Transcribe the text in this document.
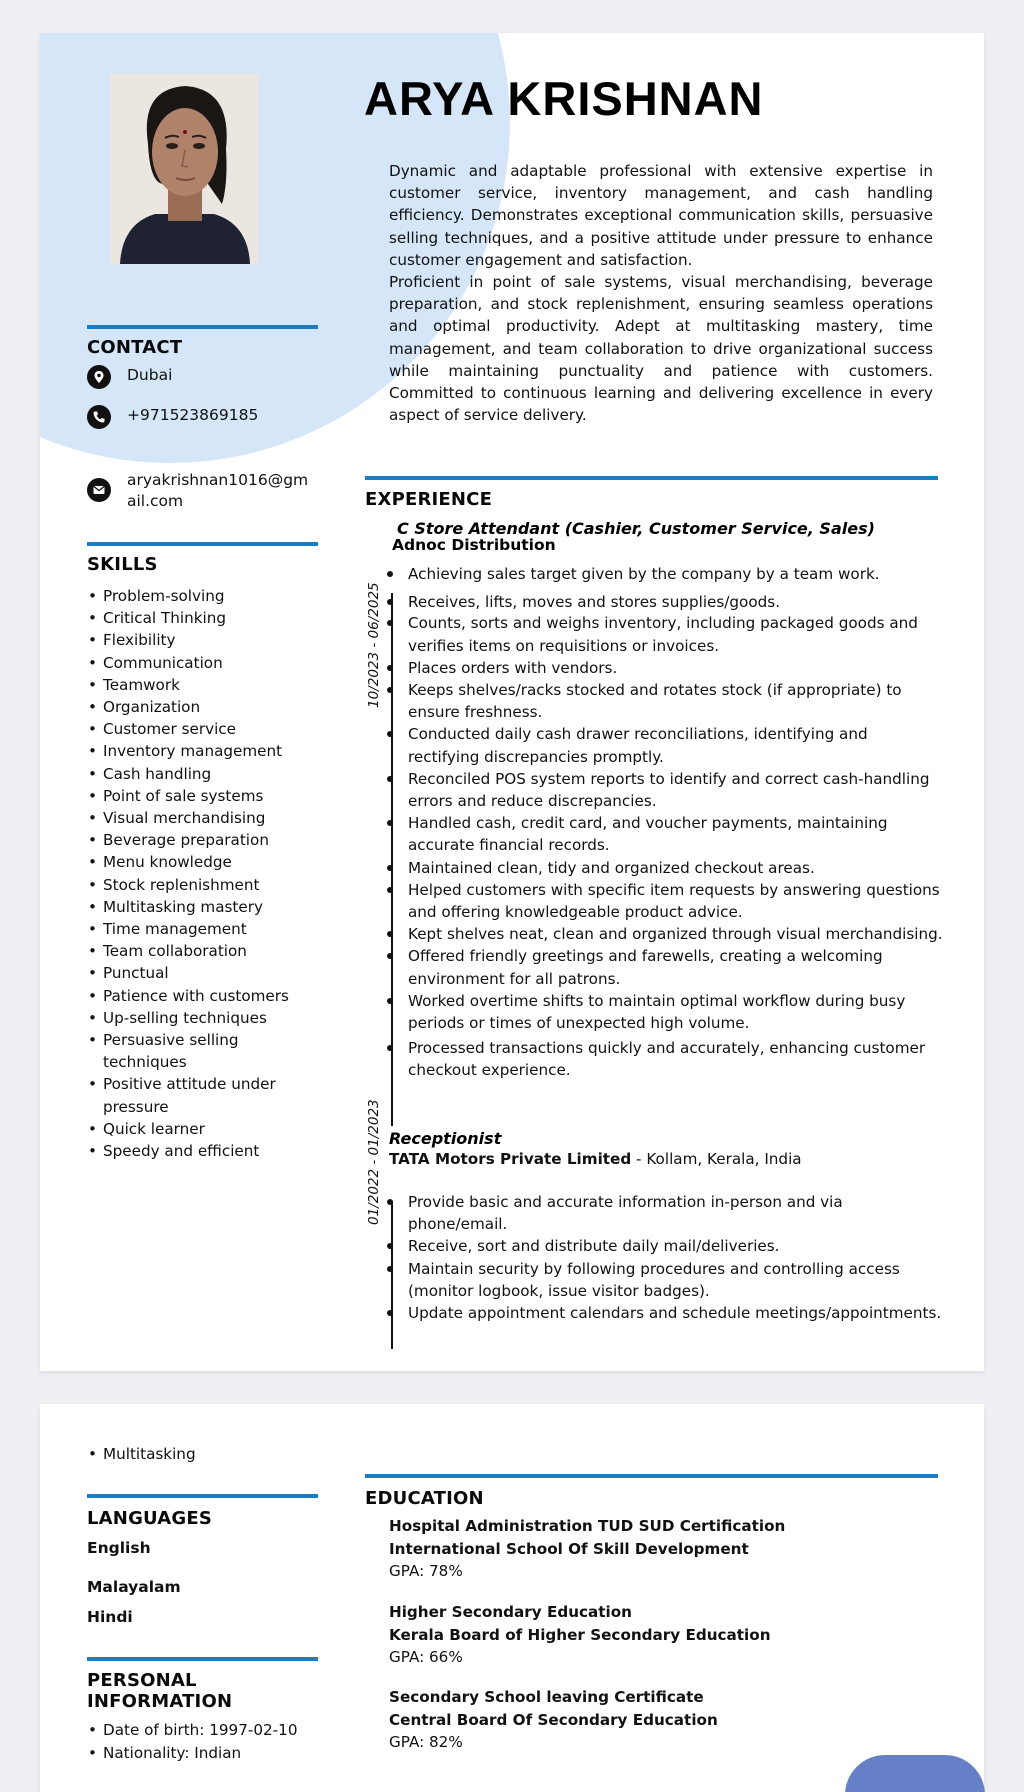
ARYA KRISHNAN
Dynamic and adaptable professional with extensive expertise in customer service, inventory management, and cash handling efficiency. Demonstrates exceptional communication skills, persuasive selling techniques, and a positive attitude under pressure to enhance customer engagement and satisfaction.
Proficient in point of sale systems, visual merchandising, beverage preparation, and stock replenishment, ensuring seamless operations and optimal productivity. Adept at multitasking mastery, time management, and team collaboration to drive organizational success while maintaining punctuality and patience with customers. Committed to continuous learning and delivering excellence in every aspect of service delivery.
CONTACT
Dubai
+971523869185
aryakrishnan1016@gm
ail.com
SKILLS
• Problem-solving
• Critical Thinking
• Flexibility
• Communication
• Teamwork
• Organization
• Customer service
• Inventory management
• Cash handling
• Point of sale systems
• Visual merchandising
• Beverage preparation
• Menu knowledge
• Stock replenishment
• Multitasking mastery
• Time management
• Team collaboration
• Punctual
• Patience with customers
• Up-selling techniques
• Persuasive selling techniques
• Positive attitude under pressure
• Quick learner
• Speedy and efficient
EXPERIENCE
C Store Attendant (Cashier, Customer Service, Sales)
Adnoc Distribution
10/2023 - 06/2025
Achieving sales target given by the company by a team work.
Receives, lifts, moves and stores supplies/goods.
Counts, sorts and weighs inventory, including packaged goods and verifies items on requisitions or invoices.
Places orders with vendors.
Keeps shelves/racks stocked and rotates stock (if appropriate) to ensure freshness.
Conducted daily cash drawer reconciliations, identifying and rectifying discrepancies promptly.
Reconciled POS system reports to identify and correct cash-handling errors and reduce discrepancies.
Handled cash, credit card, and voucher payments, maintaining accurate financial records.
Maintained clean, tidy and organized checkout areas.
Helped customers with specific item requests by answering questions and offering knowledgeable product advice.
Kept shelves neat, clean and organized through visual merchandising.
Offered friendly greetings and farewells, creating a welcoming environment for all patrons.
Worked overtime shifts to maintain optimal workflow during busy periods or times of unexpected high volume.
Processed transactions quickly and accurately, enhancing customer checkout experience.
Receptionist
TATA Motors Private Limited - Kollam, Kerala, India
01/2022 - 01/2023 Provide basic and accurate information in-person and via phone/email.
Receive, sort and distribute daily mail/deliveries.
Maintain security by following procedures and controlling access (monitor logbook, issue visitor badges).
Update appointment calendars and schedule meetings/appointments.
• Multitasking
LANGUAGES
English
Malayalam
Hindi
PERSONAL
INFORMATION
• Date of birth: 1997-02-10
• Nationality: Indian
EDUCATION
Hospital Administration TUD SUD Certification
International School Of Skill Development
GPA: 78%
Higher Secondary Education
Kerala Board of Higher Secondary Education
GPA: 66%
Secondary School leaving Certificate
Central Board Of Secondary Education
GPA: 82%
